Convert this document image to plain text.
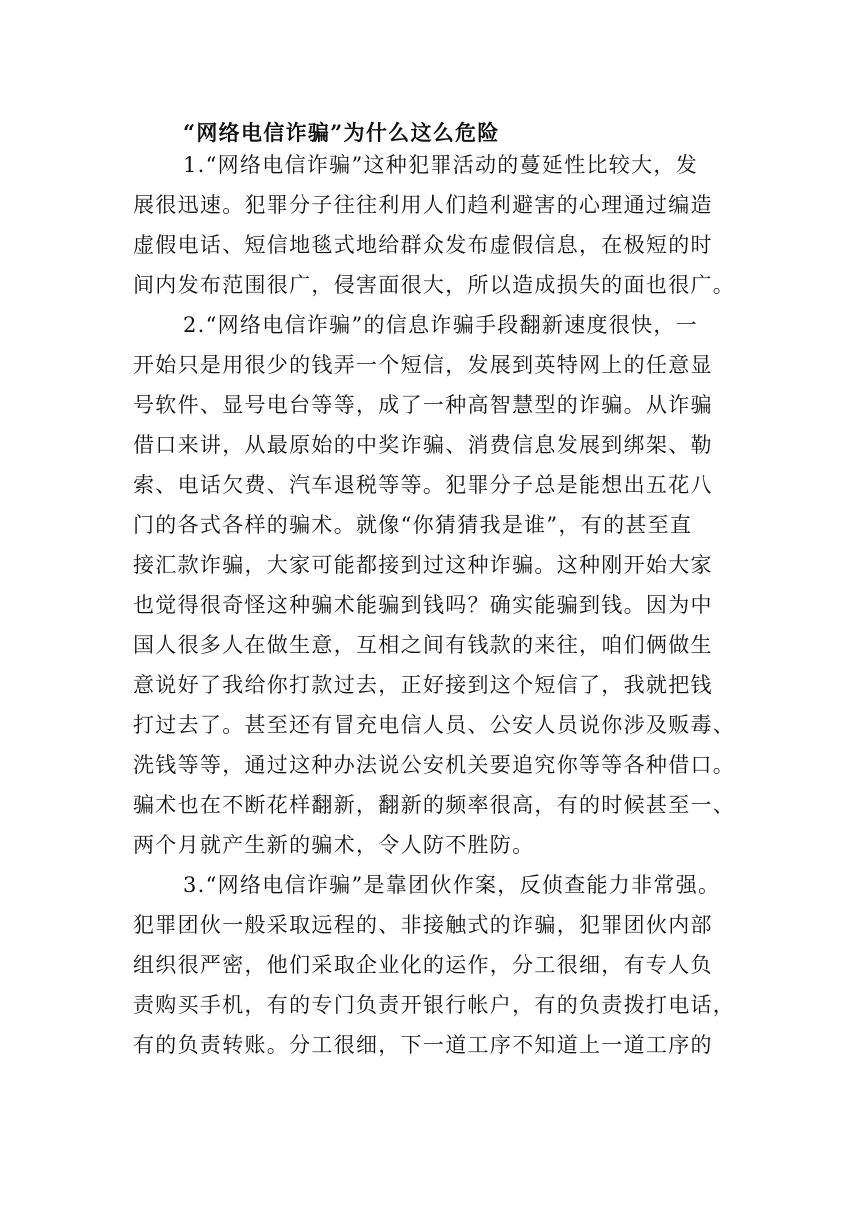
“网络电信诈骗”为什么这么危险
1.“网络电信诈骗”这种犯罪活动的蔓延性比较大，发
展很迅速。犯罪分子往往利用人们趋利避害的心理通过编造
虚假电话、短信地毯式地给群众发布虚假信息，在极短的时
间内发布范围很广，侵害面很大，所以造成损失的面也很广。
2.“网络电信诈骗”的信息诈骗手段翻新速度很快，一
开始只是用很少的钱弄一个短信，发展到英特网上的任意显
号软件、显号电台等等，成了一种高智慧型的诈骗。从诈骗
借口来讲，从最原始的中奖诈骗、消费信息发展到绑架、勒
索、电话欠费、汽车退税等等。犯罪分子总是能想出五花八
门的各式各样的骗术。就像“你猜猜我是谁”，有的甚至直
接汇款诈骗，大家可能都接到过这种诈骗。这种刚开始大家
也觉得很奇怪这种骗术能骗到钱吗？确实能骗到钱。因为中
国人很多人在做生意，互相之间有钱款的来往，咱们俩做生
意说好了我给你打款过去，正好接到这个短信了，我就把钱
打过去了。甚至还有冒充电信人员、公安人员说你涉及贩毒、
洗钱等等，通过这种办法说公安机关要追究你等等各种借口。
骗术也在不断花样翻新，翻新的频率很高，有的时候甚至一、
两个月就产生新的骗术，令人防不胜防。
3.“网络电信诈骗”是靠团伙作案，反侦查能力非常强。
犯罪团伙一般采取远程的、非接触式的诈骗，犯罪团伙内部
组织很严密，他们采取企业化的运作，分工很细，有专人负
责购买手机，有的专门负责开银行帐户，有的负责拨打电话，
有的负责转账。分工很细，下一道工序不知道上一道工序的
